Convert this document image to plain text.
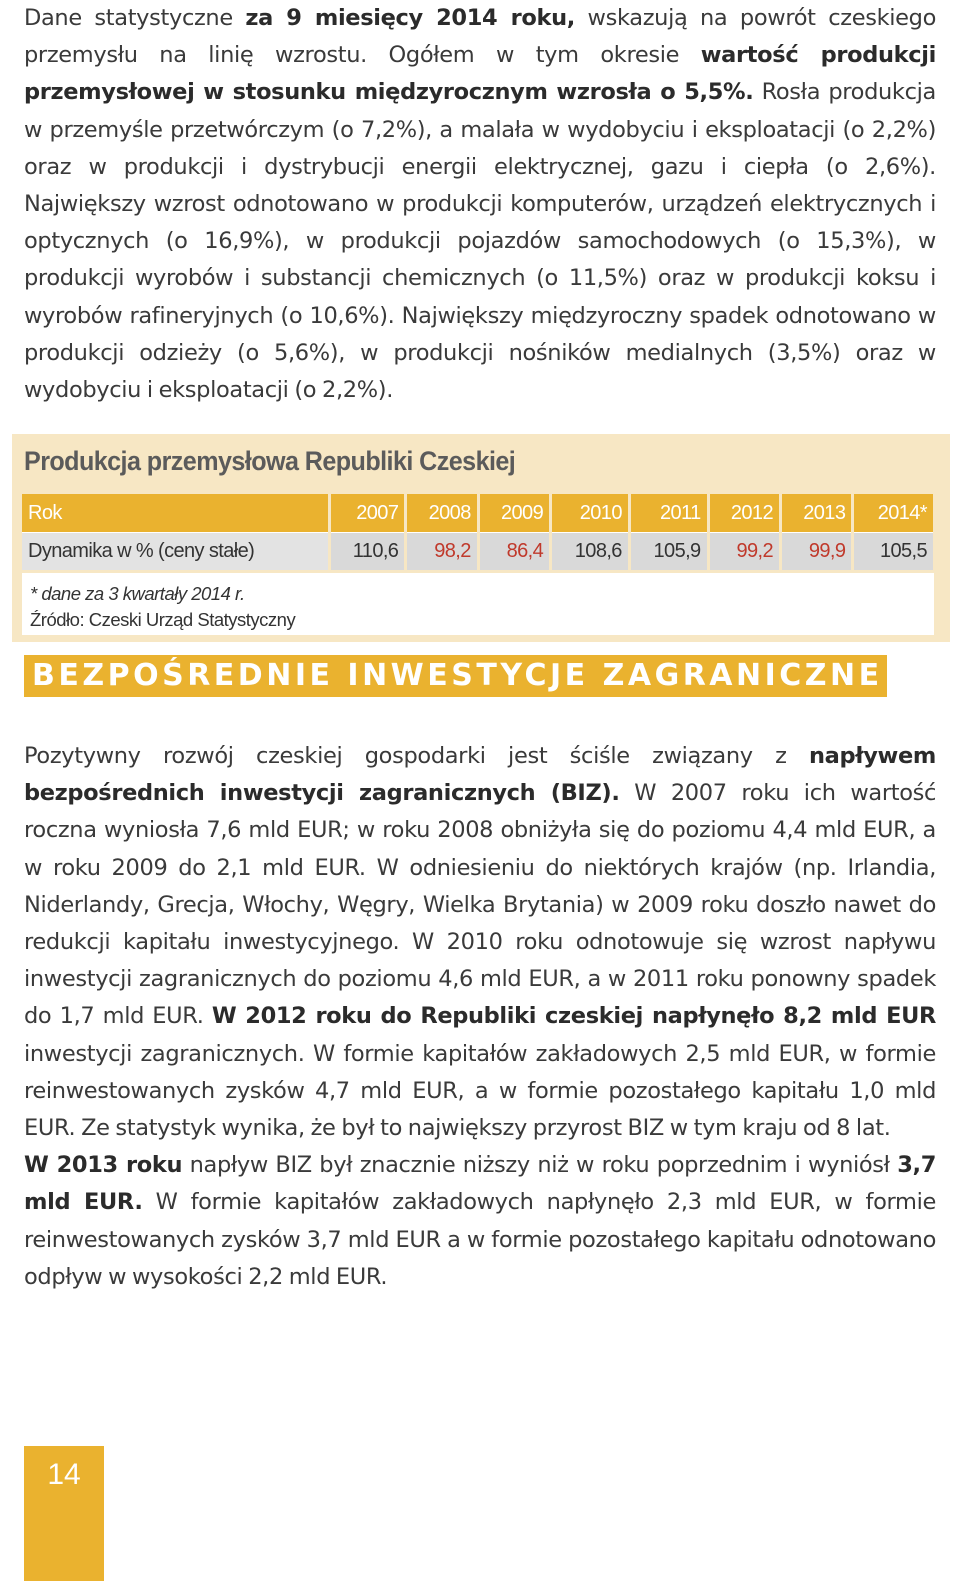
Dane statystyczne za 9 miesięcy 2014 roku, wskazują na powrót czeskiego przemysłu na linię wzrostu. Ogółem w tym okresie wartość produkcji przemysłowej w stosunku międzyrocznym wzrosła o 5,5%. Rosła produkcja w przemyśle przetwórczym (o 7,2%), a malała w wydobyciu i eksploatacji (o 2,2%) oraz w produkcji i dystrybucji energii elektrycznej, gazu i ciepła (o 2,6%). Największy wzrost odnotowano w produkcji komputerów, urządzeń elektrycznych i optycznych (o 16,9%), w produkcji pojazdów samochodowych (o 15,3%), w produkcji wyrobów i substancji chemicznych (o 11,5%) oraz w produkcji koksu i wyrobów rafineryjnych (o 10,6%). Największy międzyroczny spadek odnotowano w produkcji odzieży (o 5,6%), w produkcji nośników medialnych (3,5%) oraz w wydobyciu i eksploatacji (o 2,2%).

Produkcja przemysłowa Republiki Czeskiej
Rok	2007	2008	2009	2010	2011	2012	2013	2014*
Dynamika w % (ceny stałe)	110,6	98,2	86,4	108,6	105,9	99,2	99,9	105,5
* dane za 3 kwartały 2014 r.
Źródło: Czeski Urząd Statystyczny
BEZPOŚREDNIE INWESTYCJE ZAGRANICZNE

Pozytywny rozwój czeskiej gospodarki jest ściśle związany z napływem bezpośrednich inwestycji zagranicznych (BIZ). W 2007 roku ich wartość roczna wyniosła 7,6 mld EUR; w roku 2008 obniżyła się do poziomu 4,4 mld EUR, a w roku 2009 do 2,1 mld EUR. W odniesieniu do niektórych krajów (np. Irlandia, Niderlandy, Grecja, Włochy, Węgry, Wielka Brytania) w 2009 roku doszło nawet do redukcji kapitału inwestycyjnego. W 2010 roku odnotowuje się wzrost napływu inwestycji zagranicznych do poziomu 4,6 mld EUR, a w 2011 roku ponowny spadek do 1,7 mld EUR. W 2012 roku do Republiki czeskiej napłynęło 8,2 mld EUR inwestycji zagranicznych. W formie kapitałów zakładowych 2,5 mld EUR, w formie reinwestowanych zysków 4,7 mld EUR, a w formie pozostałego kapitału 1,0 mld EUR. Ze statystyk wynika, że był to największy przyrost BIZ w tym kraju od 8 lat.
W 2013 roku napływ BIZ był znacznie niższy niż w roku poprzednim i wyniósł 3,7 mld EUR. W formie kapitałów zakładowych napłynęło 2,3 mld EUR, w formie reinwestowanych zysków 3,7 mld EUR a w formie pozostałego kapitału odnotowano odpływ w wysokości 2,2 mld EUR.

14
